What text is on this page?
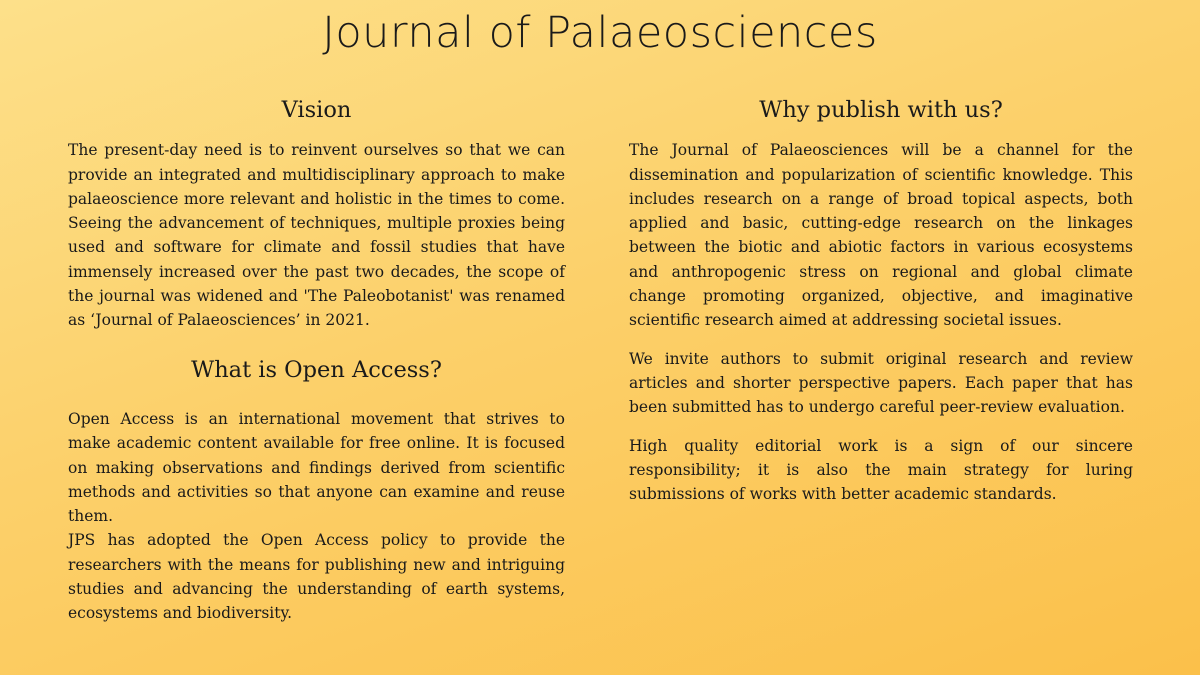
Journal of Palaeosciences
Vision

The present-day need is to reinvent ourselves so that we can provide an integrated and multidisciplinary approach to make palaeoscience more relevant and holistic in the times to come. Seeing the advancement of techniques, multiple proxies being used and software for climate and fossil studies that have immensely increased over the past two decades, the scope of the journal was widened and 'The Paleobotanist' was renamed as ‘Journal of Palaeosciences’ in 2021.

What is Open Access?

Open Access is an international movement that strives to make academic content available for free online. It is focused on making observations and findings derived from scientific methods and activities so that anyone can examine and reuse them.

JPS has adopted the Open Access policy to provide the researchers with the means for publishing new and intriguing studies and advancing the understanding of earth systems, ecosystems and biodiversity.

Why publish with us?

The Journal of Palaeosciences will be a channel for the dissemination and popularization of scientific knowledge. This includes research on a range of broad topical aspects, both applied and basic, cutting-edge research on the linkages between the biotic and abiotic factors in various ecosystems and anthropogenic stress on regional and global climate change promoting organized, objective, and imaginative scientific research aimed at addressing societal issues.

We invite authors to submit original research and review articles and shorter perspective papers. Each paper that has been submitted has to undergo careful peer-review evaluation.

High quality editorial work is a sign of our sincere responsibility; it is also the main strategy for luring submissions of works with better academic standards.
